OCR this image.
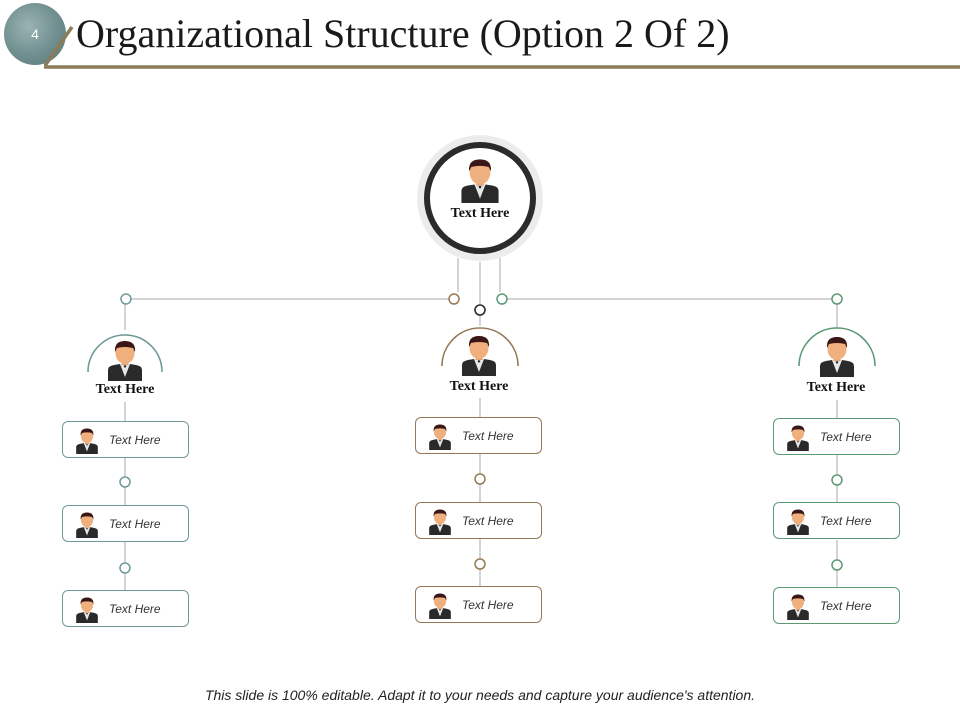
4 Organizational Structure (Option 2 Of 2)
Text Here
Text Here	Text Here	Text Here
Text Here
Text Here
Text Here
Text Here
Text Here
Text Here
Text Here
Text Here
Text Here
This slide is 100% editable. Adapt it to your needs and capture your audience's attention.
